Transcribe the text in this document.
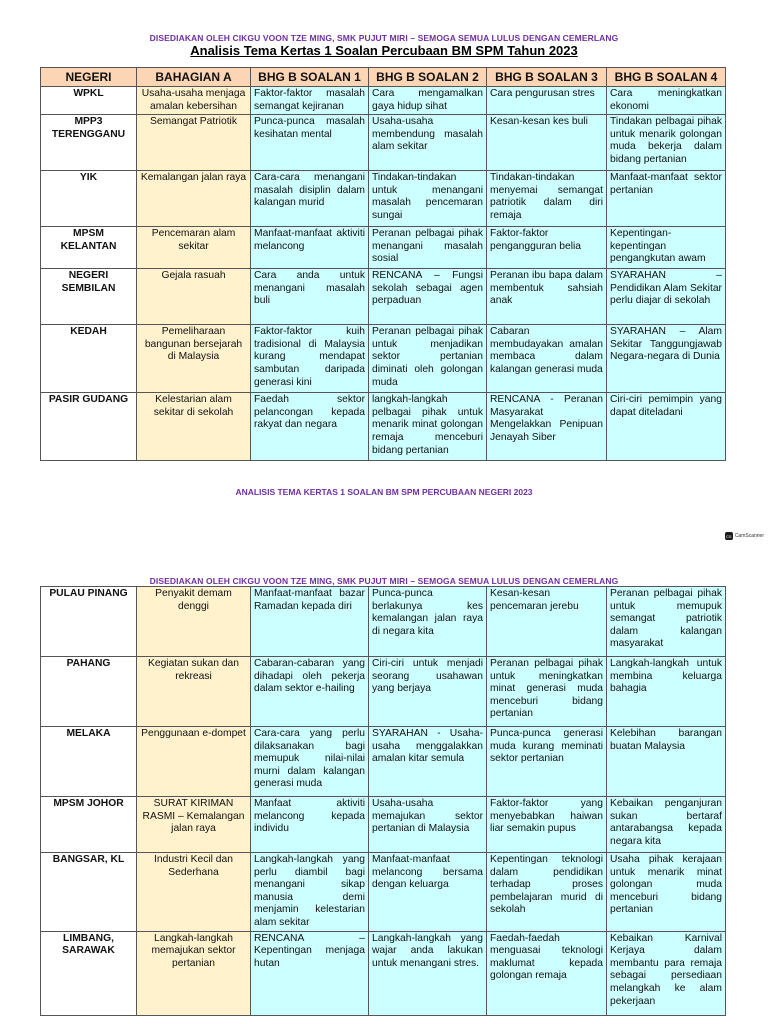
DISEDIAKAN OLEH CIKGU VOON TZE MING, SMK PUJUT MIRI – SEMOGA SEMUA LULUS DENGAN CEMERLANG
Analisis Tema Kertas 1 Soalan Percubaan BM SPM Tahun 2023
NEGERI	BAHAGIAN A	BHG B SOALAN 1	BHG B SOALAN 2	BHG B SOALAN 3	BHG B SOALAN 4
WPKL	Usaha-usaha menjaga amalan kebersihan	Faktor-faktor masalah semangat kejiranan	Cara mengamalkan gaya hidup sihat	Cara pengurusan stres	Cara meningkatkan ekonomi
MPP3 TERENGGANU	Semangat Patriotik	Punca-punca masalah kesihatan mental	Usaha-usaha membendung masalah alam sekitar	Kesan-kesan kes buli	Tindakan pelbagai pihak untuk menarik golongan muda bekerja dalam bidang pertanian
YIK	Kemalangan jalan raya	Cara-cara menangani masalah disiplin dalam kalangan murid	Tindakan-tindakan untuk menangani masalah pencemaran sungai	Tindakan-tindakan menyemai semangat patriotik dalam diri remaja	Manfaat-manfaat sektor pertanian
MPSM KELANTAN	Pencemaran alam sekitar	Manfaat-manfaat aktiviti melancong	Peranan pelbagai pihak menangani masalah sosial	Faktor-faktor pengangguran belia	Kepentingan-kepentingan pengangkutan awam
NEGERI SEMBILAN	Gejala rasuah	Cara anda untuk menangani masalah buli	RENCANA – Fungsi sekolah sebagai agen perpaduan	Peranan ibu bapa dalam membentuk sahsiah anak	SYARAHAN – Pendidikan Alam Sekitar perlu diajar di sekolah
KEDAH	Pemeliharaan bangunan bersejarah di Malaysia	Faktor-faktor kuih tradisional di Malaysia kurang mendapat sambutan daripada generasi kini	Peranan pelbagai pihak untuk menjadikan sektor pertanian diminati oleh golongan muda	Cabaran membudayakan amalan membaca dalam kalangan generasi muda	SYARAHAN – Alam Sekitar Tanggungjawab Negara-negara di Dunia
PASIR GUDANG	Kelestarian alam sekitar di sekolah	Faedah sektor pelancongan kepada rakyat dan negara	langkah-langkah pelbagai pihak untuk menarik minat golongan remaja menceburi bidang pertanian	RENCANA - Peranan Masyarakat Mengelakkan Penipuan Jenayah Siber	Ciri-ciri pemimpin yang dapat diteladani
ANALISIS TEMA KERTAS 1 SOALAN BM SPM PERCUBAAN NEGERI 2023
CS CamScanner
DISEDIAKAN OLEH CIKGU VOON TZE MING, SMK PUJUT MIRI – SEMOGA SEMUA LULUS DENGAN CEMERLANG
PULAU PINANG	Penyakit demam denggi	Manfaat-manfaat bazar Ramadan kepada diri	Punca-punca berlakunya kes kemalangan jalan raya di negara kita	Kesan-kesan pencemaran jerebu	Peranan pelbagai pihak untuk memupuk semangat patriotik dalam kalangan masyarakat
PAHANG	Kegiatan sukan dan rekreasi	Cabaran-cabaran yang dihadapi oleh pekerja dalam sektor e-hailing	Ciri-ciri untuk menjadi seorang usahawan yang berjaya	Peranan pelbagai pihak untuk meningkatkan minat generasi muda menceburi bidang pertanian	Langkah-langkah untuk membina keluarga bahagia
MELAKA	Penggunaan e-dompet	Cara-cara yang perlu dilaksanakan bagi memupuk nilai-nilai murni dalam kalangan generasi muda	SYARAHAN - Usaha-usaha menggalakkan amalan kitar semula	Punca-punca generasi muda kurang meminati sektor pertanian	Kelebihan barangan buatan Malaysia
MPSM JOHOR	SURAT KIRIMAN RASMI – Kemalangan jalan raya	Manfaat aktiviti melancong kepada individu	Usaha-usaha memajukan sektor pertanian di Malaysia	Faktor-faktor yang menyebabkan haiwan liar semakin pupus	Kebaikan penganjuran sukan bertaraf antarabangsa kepada negara kita
BANGSAR, KL	Industri Kecil dan Sederhana	Langkah-langkah yang perlu diambil bagi menangani sikap manusia demi menjamin kelestarian alam sekitar	Manfaat-manfaat melancong bersama dengan keluarga	Kepentingan teknologi dalam pendidikan terhadap proses pembelajaran murid di sekolah	Usaha pihak kerajaan untuk menarik minat golongan muda menceburi bidang pertanian
LIMBANG, SARAWAK	Langkah-langkah memajukan sektor pertanian	RENCANA – Kepentingan menjaga hutan	Langkah-langkah yang wajar anda lakukan untuk menangani stres.	Faedah-faedah menguasai teknologi maklumat kepada golongan remaja	Kebaikan Karnival Kerjaya dalam membantu para remaja sebagai persediaan melangkah ke alam pekerjaan
